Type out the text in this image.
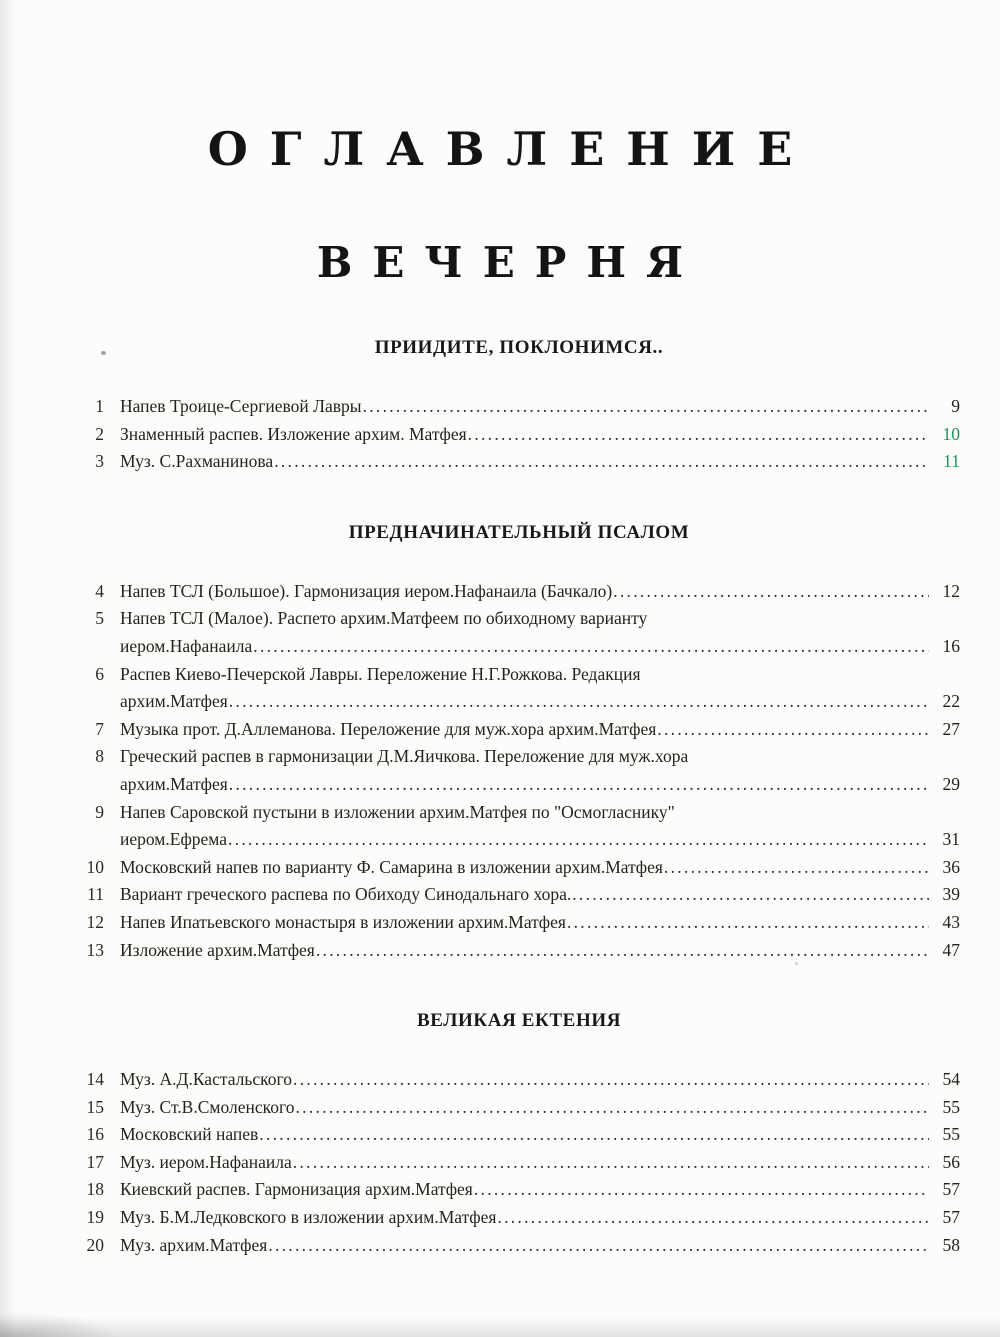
ОГЛАВЛЕНИЕ
ВЕЧЕРНЯ
ПРИИДИТЕ, ПОКЛОНИМСЯ..
1 Напев Троице-Сергиевой Лавры .....	9
2 Знаменный распев. Изложение архим. Матфея .....	10
3 Муз. С.Рахманинова .....	11
ПРЕДНАЧИНАТЕЛЬНЫЙ ПСАЛОМ
4 Напев ТСЛ (Большое). Гармонизация иером.Нафанаила (Бачкало) .....	12
5 Напев ТСЛ (Малое). Распето архим.Матфеем по обиходному варианту
иером.Нафанаила .....	16
6 Распев Киево-Печерской Лавры. Переложение Н.Г.Рожкова. Редакция
архим.Матфея .....	22
7 Музыка прот. Д.Аллеманова. Переложение для муж.хора архим.Матфея .....	27
8 Греческий распев в гармонизации Д.М.Яичкова. Переложение для муж.хора
архим.Матфея .....	29
9 Напев Саровской пустыни в изложении архим.Матфея по "Осмогласнику"
иером.Ефрема .....	31
10 Московский напев по варианту Ф. Самарина в изложении архим.Матфея .....	36
11 Вариант греческого распева по Обиходу Синодальнаго хора. .....	39
12 Напев Ипатьевского монастыря в изложении архим.Матфея .....	43
13 Изложение архим.Матфея .....	47
ВЕЛИКАЯ ЕКТЕНИЯ
14 Муз. А.Д.Кастальского .....	54
15 Муз. Ст.В.Смоленского .....	55
16 Московский напев .....	55
17 Муз. иером.Нафанаила .....	56
18 Киевский распев. Гармонизация архим.Матфея .....	57
19 Муз. Б.М.Ледковского в изложении архим.Матфея .....	57
20 Муз. архим.Матфея .....	58
